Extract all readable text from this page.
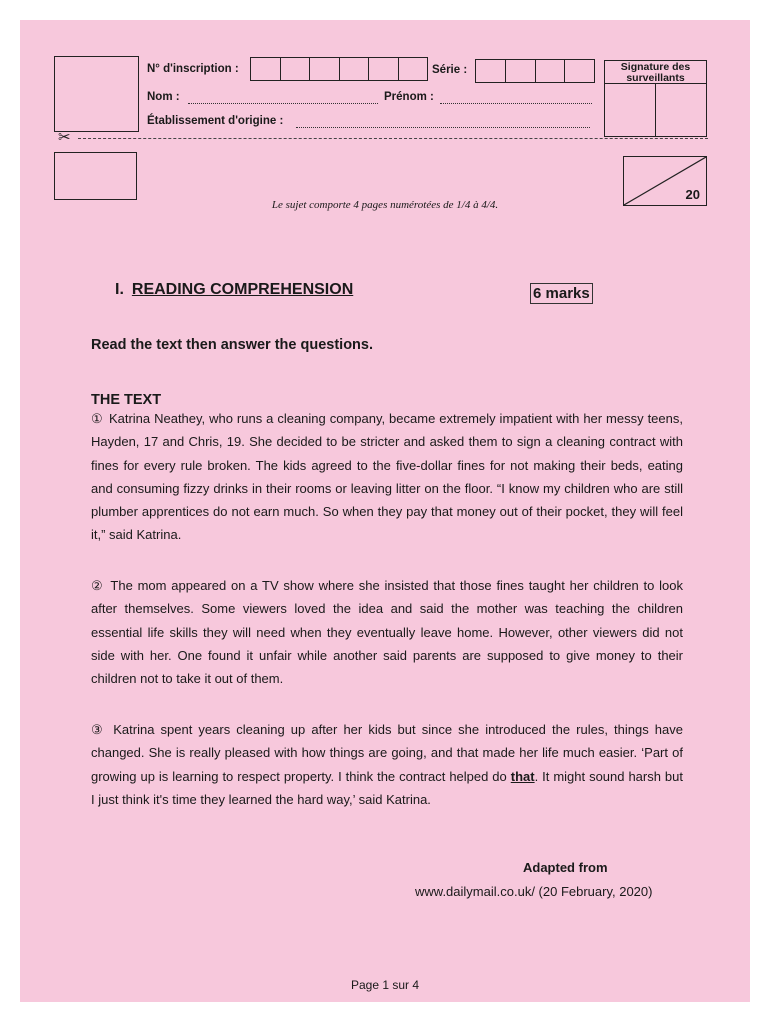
N° d'inscription :	Série :
Nom :	Prénom :
Établissement d'origine :
Signature des surveillants
✂
20
Le sujet comporte 4 pages numérotées de 1/4 à 4/4.
I. READING COMPREHENSION	6 marks
Read the text then answer the questions.
THE TEXT

① Katrina Neathey, who runs a cleaning company, became extremely impatient with her messy teens, Hayden, 17 and Chris, 19. She decided to be stricter and asked them to sign a cleaning contract with fines for every rule broken. The kids agreed to the five-dollar fines for not making their beds, eating and consuming fizzy drinks in their rooms or leaving litter on the floor. “I know my children who are still plumber apprentices do not earn much. So when they pay that money out of their pocket, they will feel it,” said Katrina.

② The mom appeared on a TV show where she insisted that those fines taught her children to look after themselves. Some viewers loved the idea and said the mother was teaching the children essential life skills they will need when they eventually leave home. However, other viewers did not side with her. One found it unfair while another said parents are supposed to give money to their children not to take it out of them.

③ Katrina spent years cleaning up after her kids but since she introduced the rules, things have changed. She is really pleased with how things are going, and that made her life much easier. ‘Part of growing up is learning to respect property. I think the contract helped do that. It might sound harsh but I just think it's time they learned the hard way,’ said Katrina.

Adapted from
www.dailymail.co.uk/ (20 February, 2020)
Page 1 sur 4
